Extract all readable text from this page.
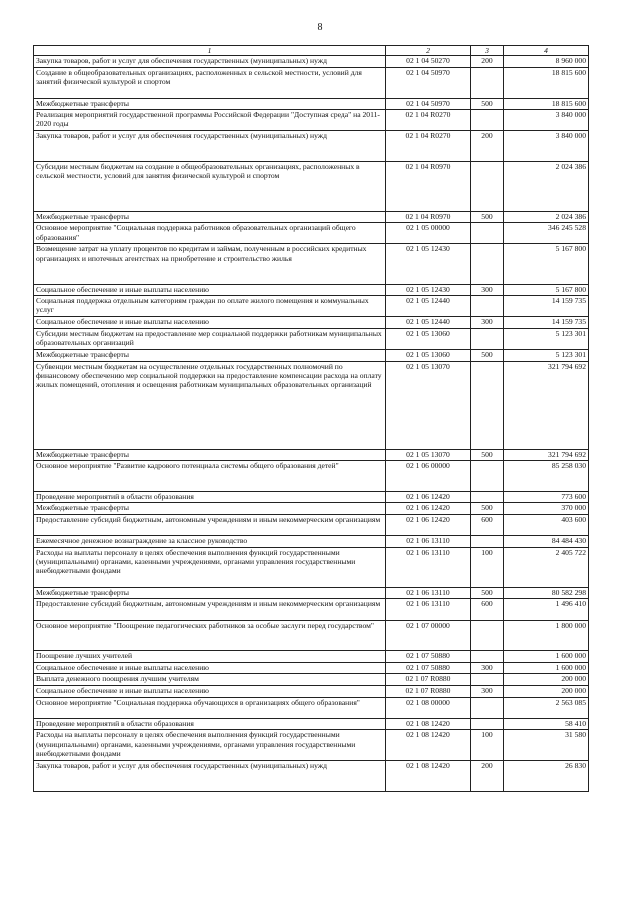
8
1	2	3	4
Закупка товаров, работ и услуг для обеспечения государственных (муниципальных) нужд	02 1 04 50270	200	8 960 000
Создание в общеобразовательных организациях, расположенных в сельской местности, условий для занятий физической культурой и спортом	02 1 04 50970		18 815 600
Межбюджетные трансферты	02 1 04 50970	500	18 815 600
Реализация мероприятий государственной программы Российской Федерации "Доступная среда" на 2011-2020 годы	02 1 04 R0270		3 840 000
Закупка товаров, работ и услуг для обеспечения государственных (муниципальных) нужд	02 1 04 R0270	200	3 840 000
Субсидии местным бюджетам на создание в общеобразовательных организациях, расположенных в сельской местности, условий для занятия физической культурой и спортом	02 1 04 R0970		2 024 386
Межбюджетные трансферты	02 1 04 R0970	500	2 024 386
Основное мероприятие "Социальная поддержка работников образовательных организаций общего образования"	02 1 05 00000		346 245 528
Возмещение затрат на уплату процентов по кредитам и займам, полученным в российских кредитных организациях и ипотечных агентствах на приобретение и строительство жилья	02 1 05 12430		5 167 800
Социальное обеспечение и иные выплаты населению	02 1 05 12430	300	5 167 800
Социальная поддержка отдельным категориям граждан по оплате жилого помещения и коммунальных услуг	02 1 05 12440		14 159 735
Социальное обеспечение и иные выплаты населению	02 1 05 12440	300	14 159 735
Субсидии местным бюджетам на предоставление мер социальной поддержки работникам муниципальных образовательных организаций	02 1 05 13060		5 123 301
Межбюджетные трансферты	02 1 05 13060	500	5 123 301
Субвенции местным бюджетам на осуществление отдельных государственных полномочий по финансовому обеспечению мер социальной поддержки на предоставление компенсации расхода на оплату жилых помещений, отопления и освещения работникам муниципальных образовательных организаций	02 1 05 13070		321 794 692
Межбюджетные трансферты	02 1 05 13070	500	321 794 692
Основное мероприятие "Развитие кадрового потенциала системы общего образования детей"	02 1 06 00000		85 258 030
Проведение мероприятий в области образования	02 1 06 12420		773 600
Межбюджетные трансферты	02 1 06 12420	500	370 000
Предоставление субсидий бюджетным, автономным учреждениям и иным некоммерческим организациям	02 1 06 12420	600	403 600
Ежемесячное денежное вознаграждение за классное руководство	02 1 06 13110		84 484 430
Расходы на выплаты персоналу в целях обеспечения выполнения функций государственными (муниципальными) органами, казенными учреждениями, органами управления государственными внебюджетными фондами	02 1 06 13110	100	2 405 722
Межбюджетные трансферты	02 1 06 13110	500	80 582 298
Предоставление субсидий бюджетным, автономным учреждениям и иным некоммерческим организациям	02 1 06 13110	600	1 496 410
Основное мероприятие "Поощрение педагогических работников за особые заслуги перед государством"	02 1 07 00000		1 800 000
Поощрение лучших учителей	02 1 07 50880		1 600 000
Социальное обеспечение и иные выплаты населению	02 1 07 50880	300	1 600 000
Выплата денежного поощрения лучшим учителям	02 1 07 R0880		200 000
Социальное обеспечение и иные выплаты населению	02 1 07 R0880	300	200 000
Основное мероприятие "Социальная поддержка обучающихся в организациях общего образования"	02 1 08 00000		2 563 085
Проведение мероприятий в области образования	02 1 08 12420		58 410
Расходы на выплаты персоналу в целях обеспечения выполнения функций государственными (муниципальными) органами, казенными учреждениями, органами управления государственными внебюджетными фондами	02 1 08 12420	100	31 580
Закупка товаров, работ и услуг для обеспечения государственных (муниципальных) нужд	02 1 08 12420	200	26 830
